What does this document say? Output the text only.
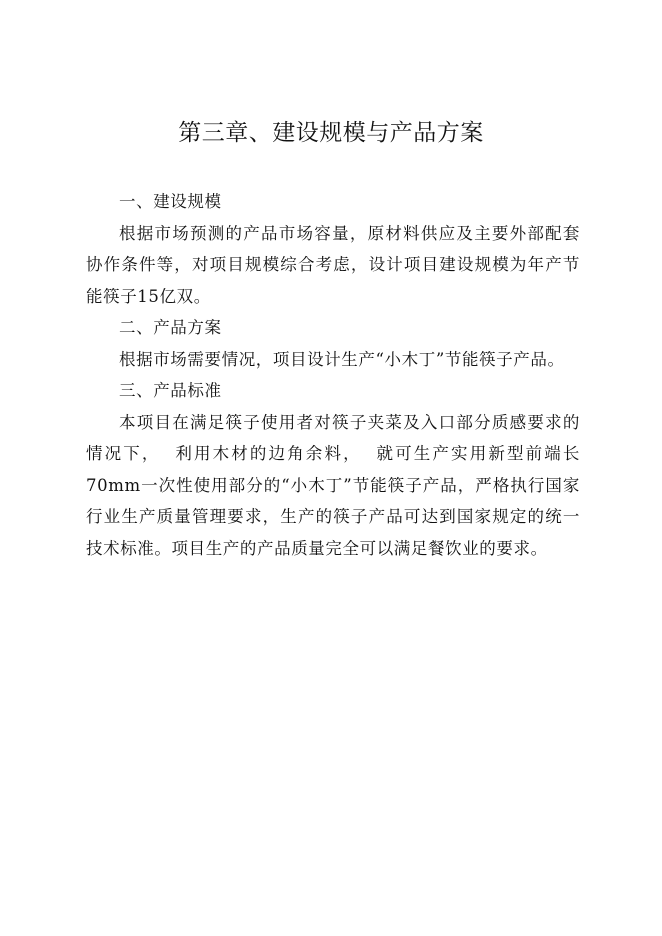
第三章、建设规模与产品方案
一、建设规模

根据市场预测的产品市场容量，原材料供应及主要外部配套协作条件等，对项目规模综合考虑，设计项目建设规模为年产节能筷子15亿双。

二、产品方案

根据市场需要情况，项目设计生产“小木丁”节能筷子产品。

三、产品标准

本项目在满足筷子使用者对筷子夹菜及入口部分质感要求的情况下，  利用木材的边角余料，  就可生产实用新型前端长70mm一次性使用部分的“小木丁”节能筷子产品，严格执行国家行业生产质量管理要求，生产的筷子产品可达到国家规定的统一技术标准。项目生产的产品质量完全可以满足餐饮业的要求。
